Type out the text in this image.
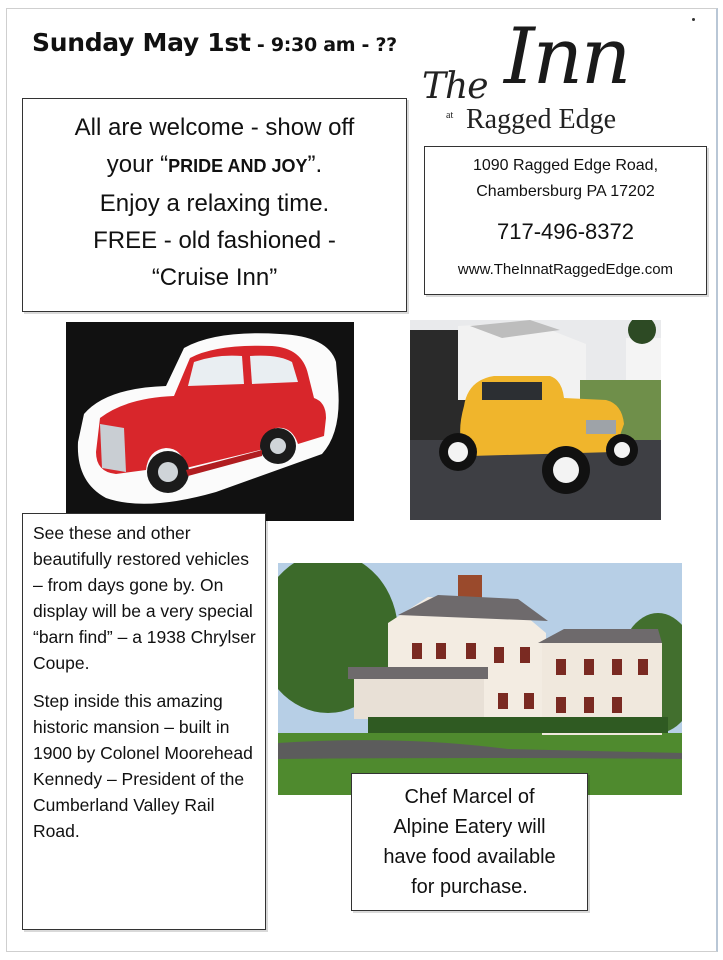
Sunday May 1st - 9:30 am - ??
The Inn
at Ragged Edge
All are welcome - show off
your “PRIDE AND JOY”.
Enjoy a relaxing time.
FREE - old fashioned -
“Cruise Inn”
1090 Ragged Edge Road,
Chambersburg PA 17202
717-496-8372
www.TheInnatRaggedEdge.com

See these and other beautifully restored vehicles – from days gone by. On display will be a very special “barn find” – a 1938 Chrylser Coupe.

Step inside this amazing historic mansion – built in 1900 by Colonel Moorehead Kennedy – President of the Cumberland Valley Rail Road.

Chef Marcel of
Alpine Eatery will
have food available
for purchase.
